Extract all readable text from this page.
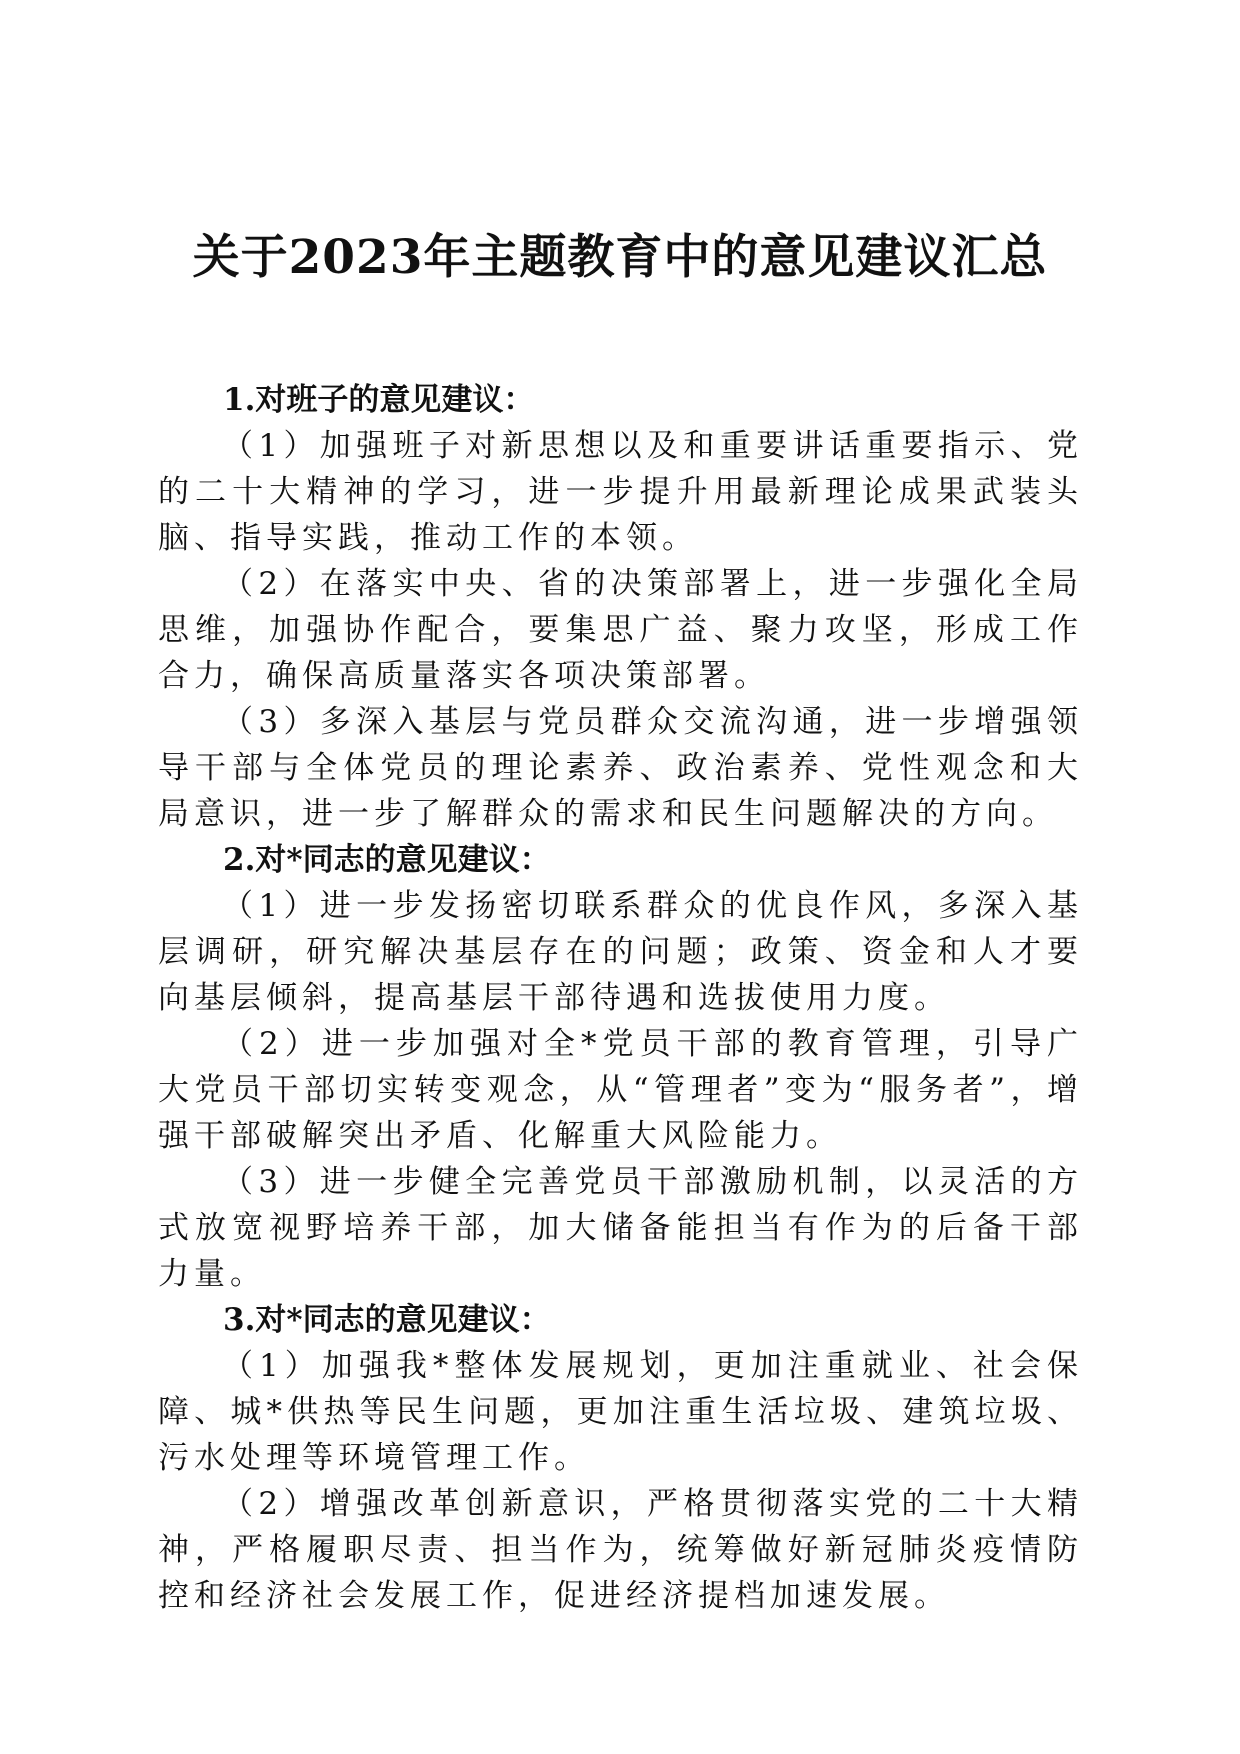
关于2023年主题教育中的意见建议汇总

1.对班子的意见建议：

（1）加强班子对新思想以及和重要讲话重要指示、党的二十大精神的学习，进一步提升用最新理论成果武装头脑、指导实践，推动工作的本领。

（2）在落实中央、省的决策部署上，进一步强化全局思维，加强协作配合，要集思广益、聚力攻坚，形成工作合力，确保高质量落实各项决策部署。

（3）多深入基层与党员群众交流沟通，进一步增强领导干部与全体党员的理论素养、政治素养、党性观念和大局意识，进一步了解群众的需求和民生问题解决的方向。

2.对*同志的意见建议：

（1）进一步发扬密切联系群众的优良作风，多深入基层调研，研究解决基层存在的问题；政策、资金和人才要向基层倾斜，提高基层干部待遇和选拔使用力度。

（2）进一步加强对全*党员干部的教育管理，引导广大党员干部切实转变观念，从“管理者”变为“服务者”，增强干部破解突出矛盾、化解重大风险能力。

（3）进一步健全完善党员干部激励机制，以灵活的方式放宽视野培养干部，加大储备能担当有作为的后备干部力量。

3.对*同志的意见建议：

（1）加强我*整体发展规划，更加注重就业、社会保障、城*供热等民生问题，更加注重生活垃圾、建筑垃圾、污水处理等环境管理工作。

（2）增强改革创新意识，严格贯彻落实党的二十大精神，严格履职尽责、担当作为，统筹做好新冠肺炎疫情防控和经济社会发展工作，促进经济提档加速发展。
